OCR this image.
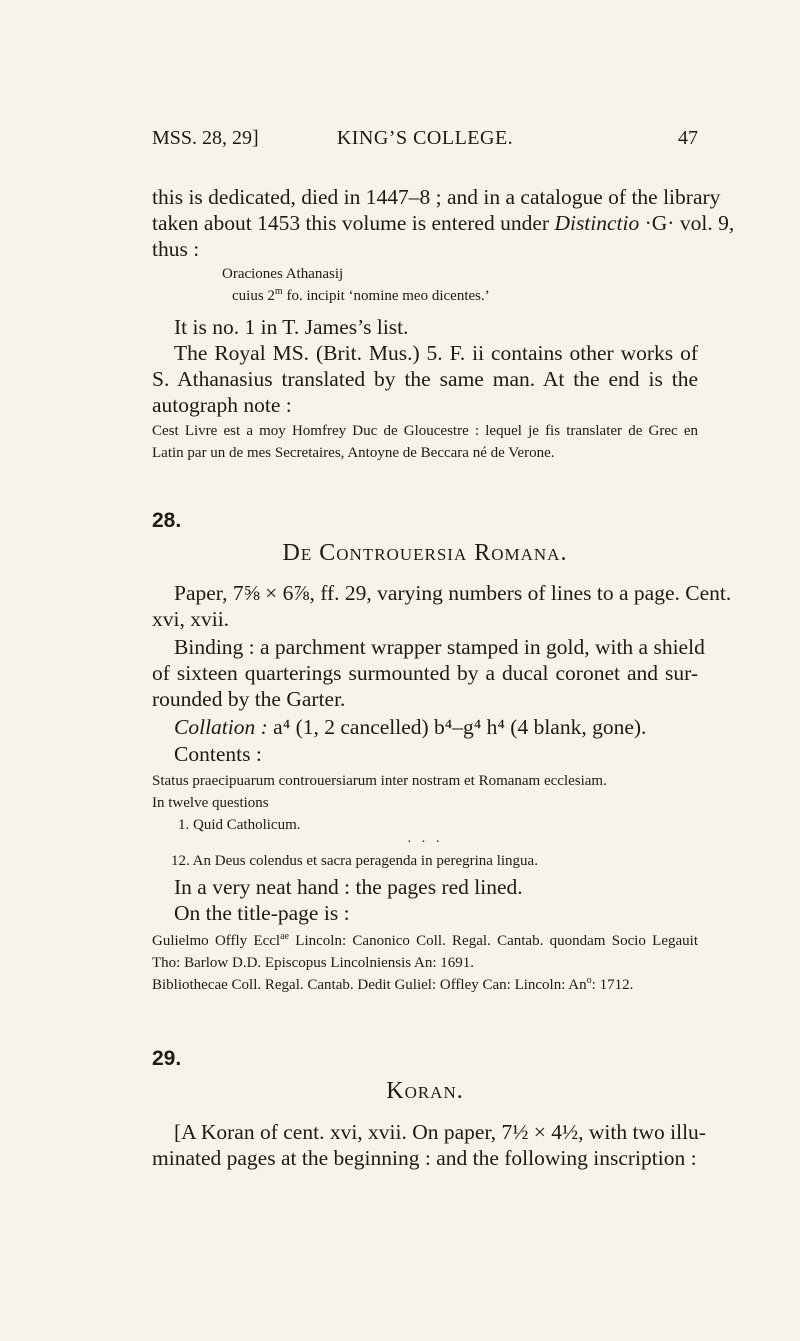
MSS. 28, 29]	KING’S COLLEGE.	47

this is dedicated, died in 1447–8 ; and in a catalogue of the library
taken about 1453 this volume is entered under Distinctio ·G· vol. 9,
thus :

Oraciones Athanasij
cuius 2$^m$ fo. incipit ‘nomine meo dicentes.’

It is no. 1 in T. James’s list.

The Royal MS. (Brit. Mus.) 5. F. ii contains other works of
S. Athanasius translated by the same man. At the end is the
autograph note :

Cest Livre est a moy Homfrey Duc de Gloucestre : lequel je fis translater de Grec en
Latin par un de mes Secretaires, Antoyne de Beccara né de Verone.
28.
De Controuersia Romana.

Paper, 7⅝ × 6⅞, ff. 29, varying numbers of lines to a page. Cent.
xvi, xvii.

Binding : a parchment wrapper stamped in gold, with a shield
of sixteen quarterings surmounted by a ducal coronet and sur-
rounded by the Garter.

Collation : a⁴ (1, 2 cancelled) b⁴–g⁴ h⁴ (4 blank, gone).

Contents :

Status praecipuarum controuersiarum inter nostram et Romanam ecclesiam.
In twelve questions
1. Quid Catholicum.
· · ·
12. An Deus colendus et sacra peragenda in peregrina lingua.

In a very neat hand : the pages red lined.
On the title-page is :

Gulielmo Offly Eccl$^{ae}$ Lincoln: Canonico Coll. Regal. Cantab. quondam Socio Legauit
Tho: Barlow D.D. Episcopus Lincolniensis An: 1691.
Bibliothecae Coll. Regal. Cantab. Dedit Guliel: Offley Can: Lincoln: An$^o$: 1712.
29.
Koran.

[A Koran of cent. xvi, xvii. On paper, 7½ × 4½, with two illu-
minated pages at the beginning : and the following inscription :
